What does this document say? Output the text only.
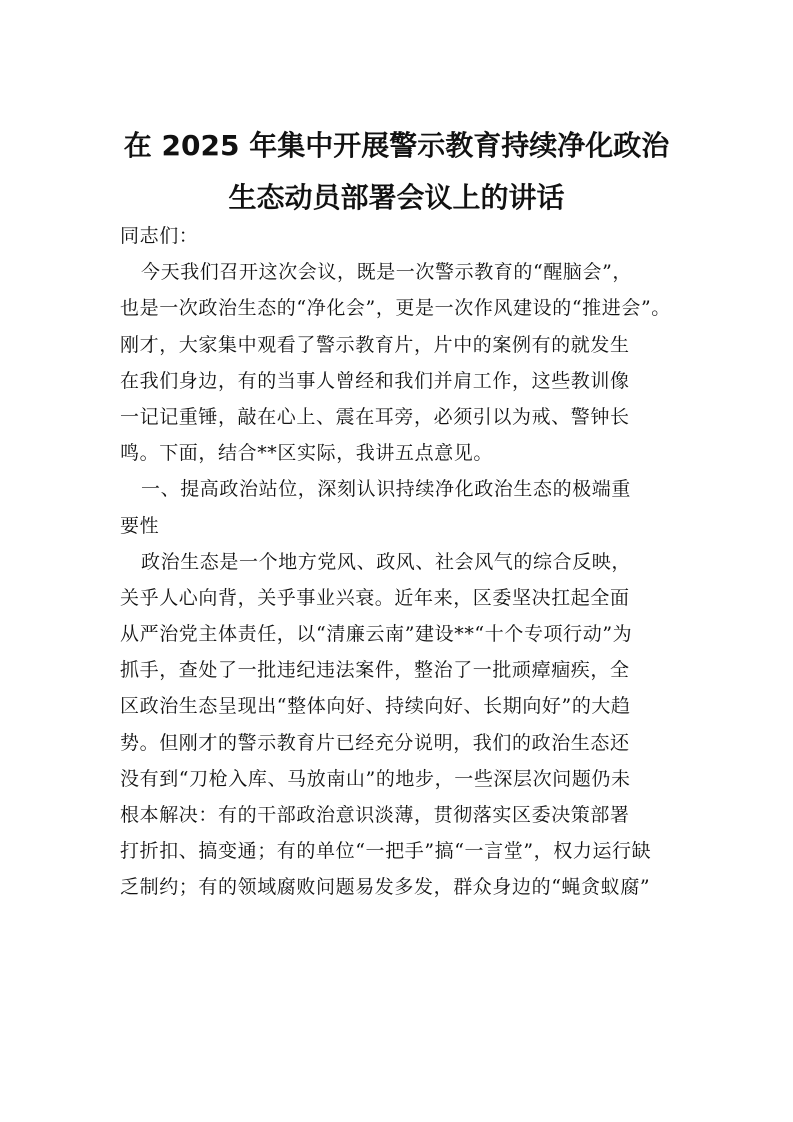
在 2025 年集中开展警示教育持续净化政治
生态动员部署会议上的讲话
同志们：
今天我们召开这次会议，既是一次警示教育的“醒脑会”，
也是一次政治生态的“净化会”，更是一次作风建设的“推进会”。
刚才，大家集中观看了警示教育片，片中的案例有的就发生
在我们身边，有的当事人曾经和我们并肩工作，这些教训像
一记记重锤，敲在心上、震在耳旁，必须引以为戒、警钟长
鸣。下面，结合**区实际，我讲五点意见。
一、提高政治站位，深刻认识持续净化政治生态的极端重
要性
政治生态是一个地方党风、政风、社会风气的综合反映，
关乎人心向背，关乎事业兴衰。近年来，区委坚决扛起全面
从严治党主体责任，以“清廉云南”建设**“十个专项行动”为
抓手，查处了一批违纪违法案件，整治了一批顽瘴痼疾，全
区政治生态呈现出“整体向好、持续向好、长期向好”的大趋
势。但刚才的警示教育片已经充分说明，我们的政治生态还
没有到“刀枪入库、马放南山”的地步，一些深层次问题仍未
根本解决：有的干部政治意识淡薄，贯彻落实区委决策部署
打折扣、搞变通；有的单位“一把手”搞“一言堂”，权力运行缺
乏制约；有的领域腐败问题易发多发，群众身边的“蝇贪蚁腐”
